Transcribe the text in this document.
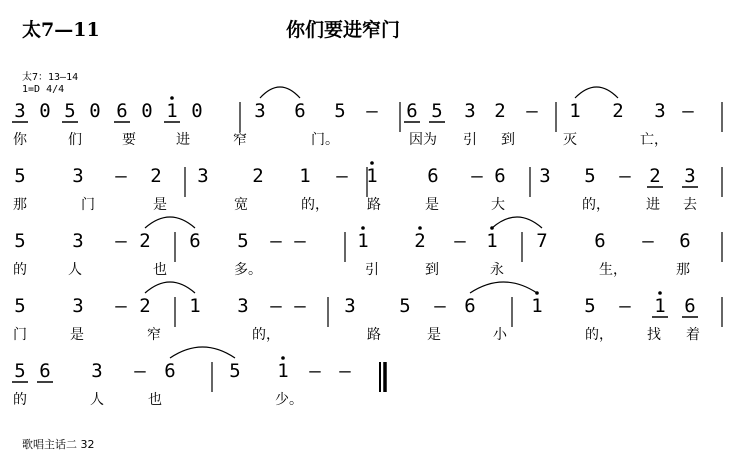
太7—11	你们要进窄门
太7：13—14
1=D 4/4
3 0 5 0 6 0 1 0	3 6 5 – 6 5 3 2 – 1 2 3 –
你	们	要	进	窄	门。	因为 引 到	灭	亡，
5 3 – 2 3 2 1 – 1	6 – 6 3 5 – 2 3
那	门	是	宽	的，	路	是	大	的，	进 去
5 3 – 2 6 5 – –	1 2 – 1 7 6 – 6
的	人	也	多。	引	到	永	生，	那
5 3 – 2 1 3 – – 3 5 – 6	1 5 – 1 6
门	是	窄	的，	路	是	小	的， 找 着
5 6 3 – 6	5 1 – –
的	人	也	少。
歌唱主话二 32
